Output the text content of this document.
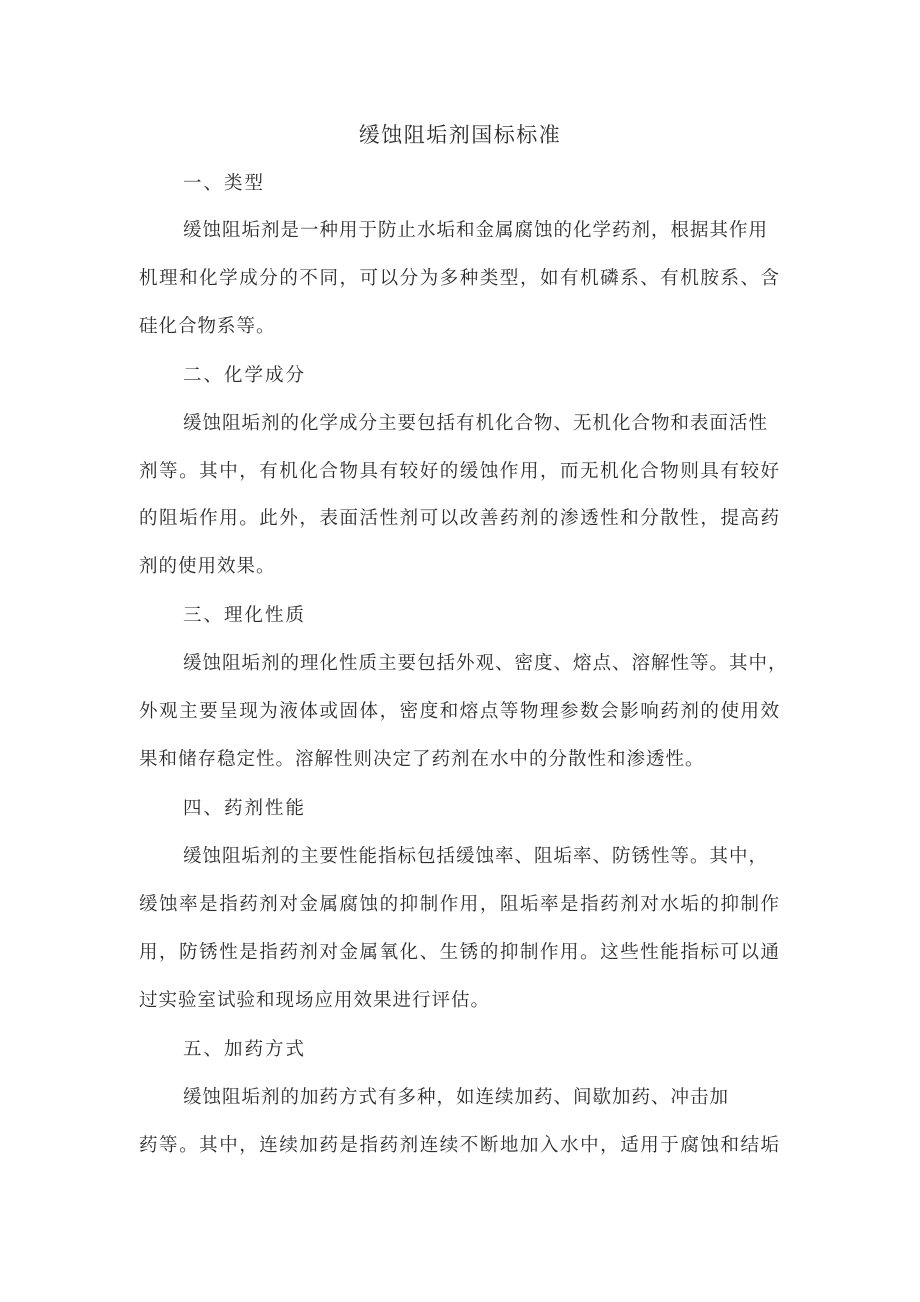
缓蚀阻垢剂国标标准
一、类型
缓蚀阻垢剂是一种用于防止水垢和金属腐蚀的化学药剂，根据其作用
机理和化学成分的不同，可以分为多种类型，如有机磷系、有机胺系、含
硅化合物系等。
二、化学成分
缓蚀阻垢剂的化学成分主要包括有机化合物、无机化合物和表面活性
剂等。其中，有机化合物具有较好的缓蚀作用，而无机化合物则具有较好
的阻垢作用。此外，表面活性剂可以改善药剂的渗透性和分散性，提高药
剂的使用效果。
三、理化性质
缓蚀阻垢剂的理化性质主要包括外观、密度、熔点、溶解性等。其中，
外观主要呈现为液体或固体，密度和熔点等物理参数会影响药剂的使用效
果和储存稳定性。溶解性则决定了药剂在水中的分散性和渗透性。
四、药剂性能
缓蚀阻垢剂的主要性能指标包括缓蚀率、阻垢率、防锈性等。其中，
缓蚀率是指药剂对金属腐蚀的抑制作用，阻垢率是指药剂对水垢的抑制作
用，防锈性是指药剂对金属氧化、生锈的抑制作用。这些性能指标可以通
过实验室试验和现场应用效果进行评估。
五、加药方式
缓蚀阻垢剂的加药方式有多种，如连续加药、间歇加药、冲击加
药等。其中，连续加药是指药剂连续不断地加入水中，适用于腐蚀和结垢
